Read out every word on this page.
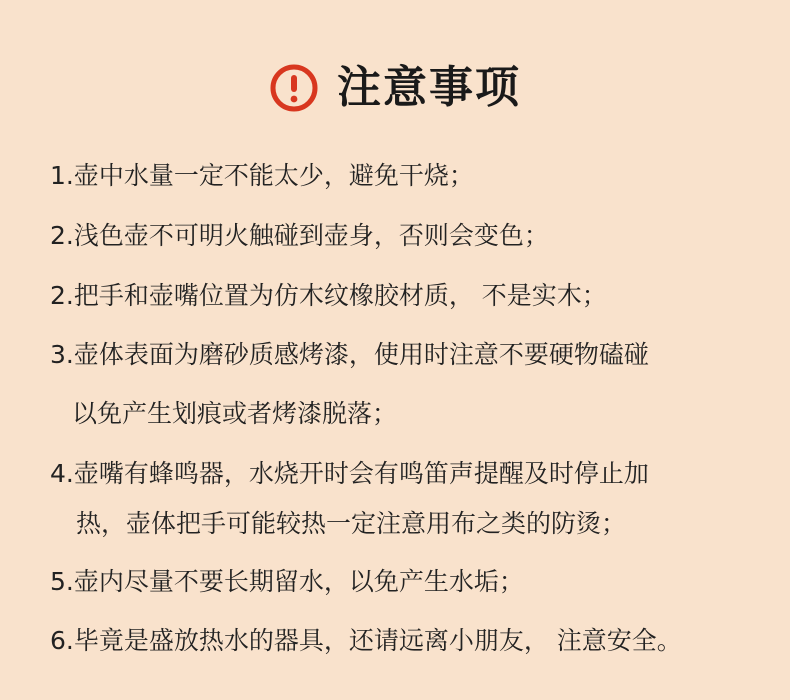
注意事项
1.壶中水量一定不能太少，避免干烧；
2.浅色壶不可明火触碰到壶身，否则会变色；
2.把手和壶嘴位置为仿木纹橡胶材质， 不是实木；
3.壶体表面为磨砂质感烤漆，使用时注意不要硬物磕碰
以免产生划痕或者烤漆脱落；
4.壶嘴有蜂鸣器，水烧开时会有鸣笛声提醒及时停止加
热，壶体把手可能较热一定注意用布之类的防烫；
5.壶内尽量不要长期留水，以免产生水垢；
6.毕竟是盛放热水的器具，还请远离小朋友， 注意安全。
